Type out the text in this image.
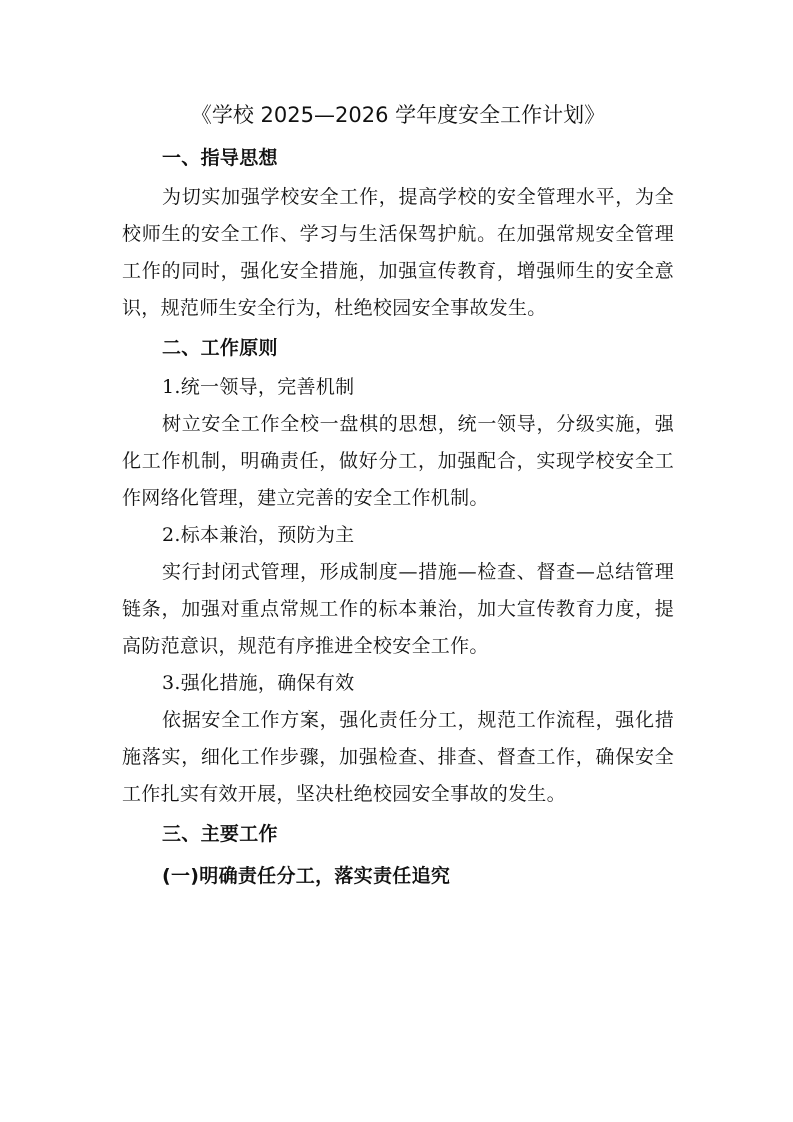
《学校 2025—2026 学年度安全工作计划》

一、指导思想

为切实加强学校安全工作，提高学校的安全管理水平，为全校师生的安全工作、学习与生活保驾护航。在加强常规安全管理工作的同时，强化安全措施，加强宣传教育，增强师生的安全意识，规范师生安全行为，杜绝校园安全事故发生。

二、工作原则

1.统一领导，完善机制

树立安全工作全校一盘棋的思想，统一领导，分级实施，强化工作机制，明确责任，做好分工，加强配合，实现学校安全工作网络化管理，建立完善的安全工作机制。

2.标本兼治，预防为主

实行封闭式管理，形成制度—措施—检查、督查—总结管理链条，加强对重点常规工作的标本兼治，加大宣传教育力度，提高防范意识，规范有序推进全校安全工作。

3.强化措施，确保有效

依据安全工作方案，强化责任分工，规范工作流程，强化措施落实，细化工作步骤，加强检查、排查、督查工作，确保安全工作扎实有效开展，坚决杜绝校园安全事故的发生。

三、主要工作

(一)明确责任分工，落实责任追究
